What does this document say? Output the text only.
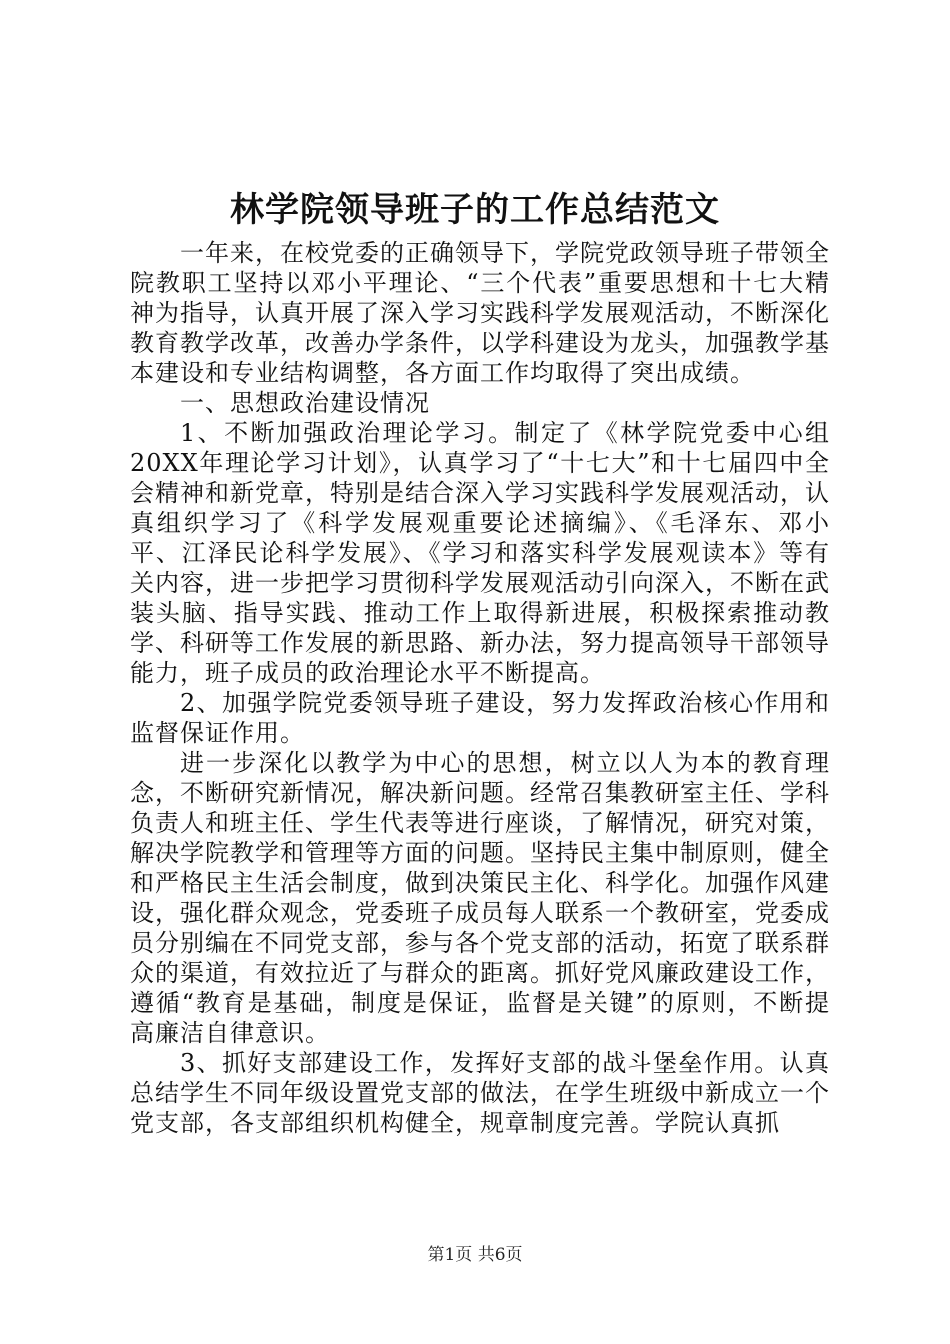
林学院领导班子的工作总结范文

一年来，在校党委的正确领导下，学院党政领导班子带领全院教职工坚持以邓小平理论、“三个代表”重要思想和十七大精神为指导，认真开展了深入学习实践科学发展观活动，不断深化教育教学改革，改善办学条件，以学科建设为龙头，加强教学基本建设和专业结构调整，各方面工作均取得了突出成绩。

一、思想政治建设情况

1、不断加强政治理论学习。制定了《林学院党委中心组20XX年理论学习计划》，认真学习了“十七大”和十七届四中全会精神和新党章，特别是结合深入学习实践科学发展观活动，认真组织学习了《科学发展观重要论述摘编》、《毛泽东、邓小平、江泽民论科学发展》、《学习和落实科学发展观读本》等有关内容，进一步把学习贯彻科学发展观活动引向深入，不断在武装头脑、指导实践、推动工作上取得新进展，积极探索推动教学、科研等工作发展的新思路、新办法，努力提高领导干部领导能力，班子成员的政治理论水平不断提高。

2、加强学院党委领导班子建设，努力发挥政治核心作用和监督保证作用。

进一步深化以教学为中心的思想，树立以人为本的教育理念，不断研究新情况，解决新问题。经常召集教研室主任、学科负责人和班主任、学生代表等进行座谈，了解情况，研究对策，解决学院教学和管理等方面的问题。坚持民主集中制原则，健全和严格民主生活会制度，做到决策民主化、科学化。加强作风建设，强化群众观念，党委班子成员每人联系一个教研室，党委成员分别编在不同党支部，参与各个党支部的活动，拓宽了联系群众的渠道，有效拉近了与群众的距离。抓好党风廉政建设工作，遵循“教育是基础，制度是保证，监督是关键”的原则，不断提高廉洁自律意识。

3、抓好支部建设工作，发挥好支部的战斗堡垒作用。认真总结学生不同年级设置党支部的做法，在学生班级中新成立一个党支部，各支部组织机构健全，规章制度完善。学院认真抓

第1页 共6页
